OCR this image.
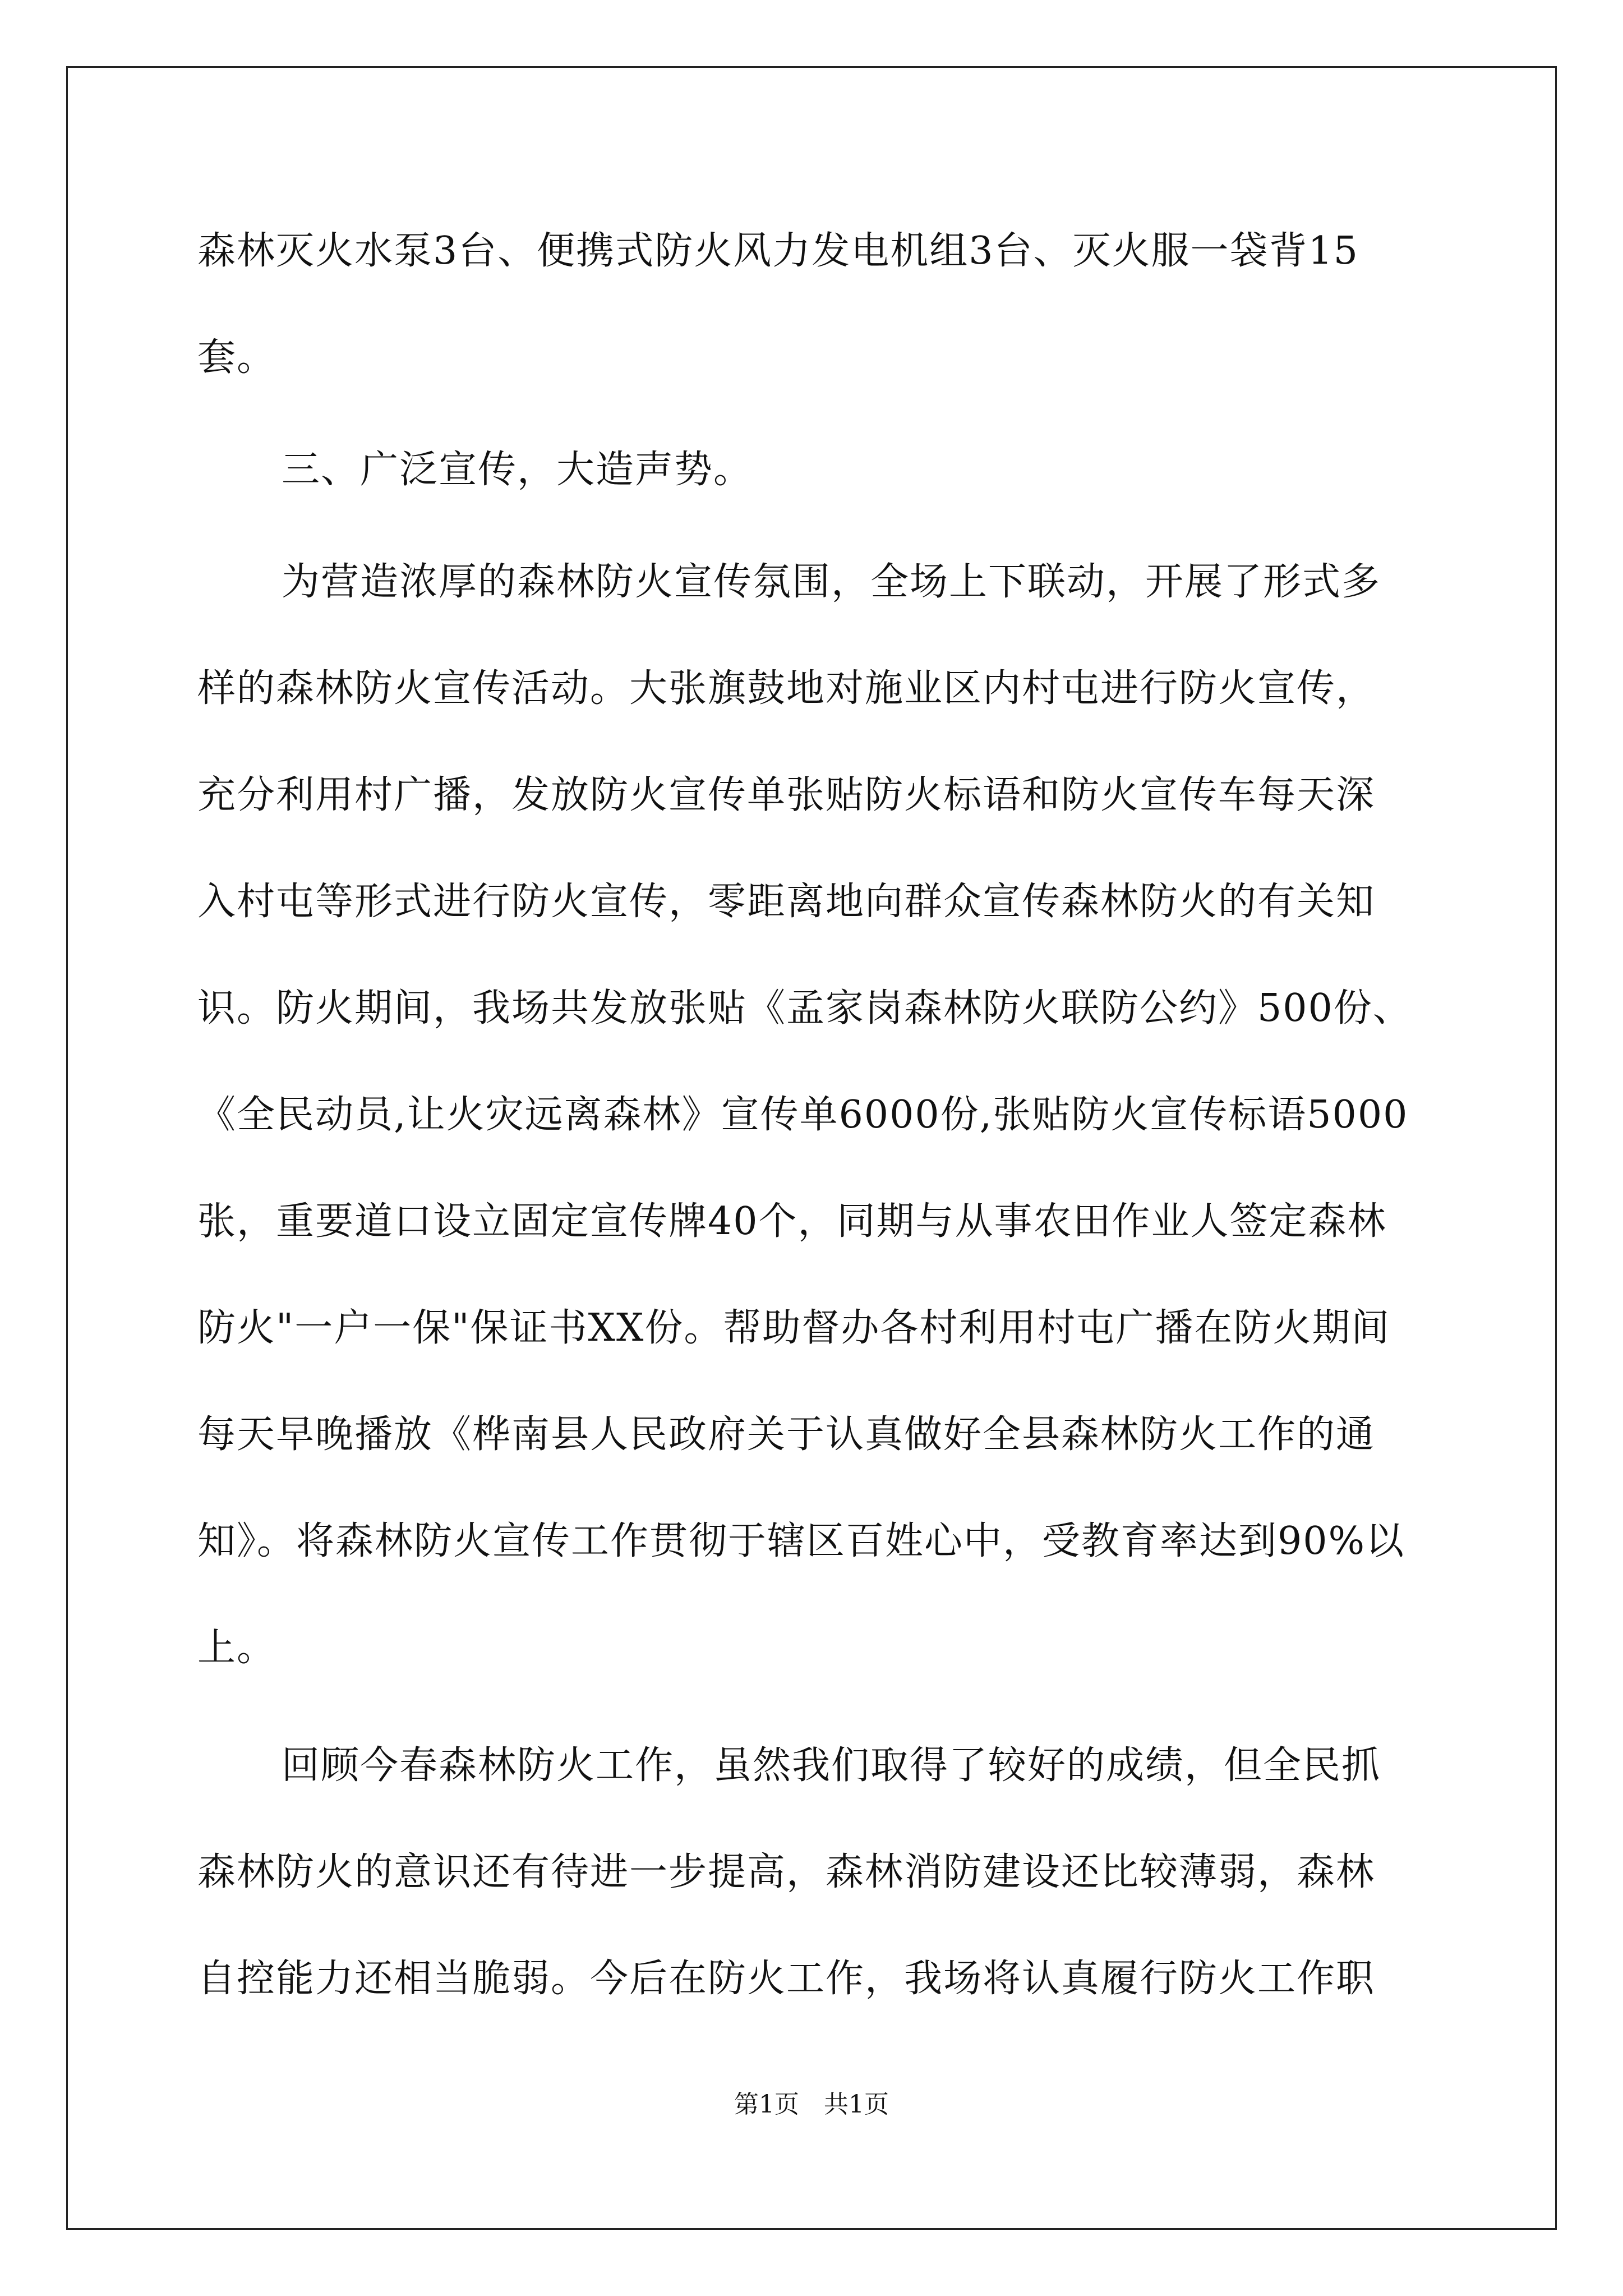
森林灭火水泵3台、便携式防火风力发电机组3台、灭火服一袋背15
套。
三、广泛宣传，大造声势。
为营造浓厚的森林防火宣传氛围，全场上下联动，开展了形式多
样的森林防火宣传活动。大张旗鼓地对施业区内村屯进行防火宣传，
充分利用村广播，发放防火宣传单张贴防火标语和防火宣传车每天深
入村屯等形式进行防火宣传，零距离地向群众宣传森林防火的有关知
识。防火期间，我场共发放张贴《孟家岗森林防火联防公约》500份、
《全民动员,让火灾远离森林》宣传单6000份,张贴防火宣传标语5000
张，重要道口设立固定宣传牌40个，同期与从事农田作业人签定森林
防火"一户一保"保证书XX份。帮助督办各村利用村屯广播在防火期间
每天早晚播放《桦南县人民政府关于认真做好全县森林防火工作的通
知》。将森林防火宣传工作贯彻于辖区百姓心中，受教育率达到90%以
上。
回顾今春森林防火工作，虽然我们取得了较好的成绩，但全民抓
森林防火的意识还有待进一步提高，森林消防建设还比较薄弱，森林
自控能力还相当脆弱。今后在防火工作，我场将认真履行防火工作职
第1页　共1页
